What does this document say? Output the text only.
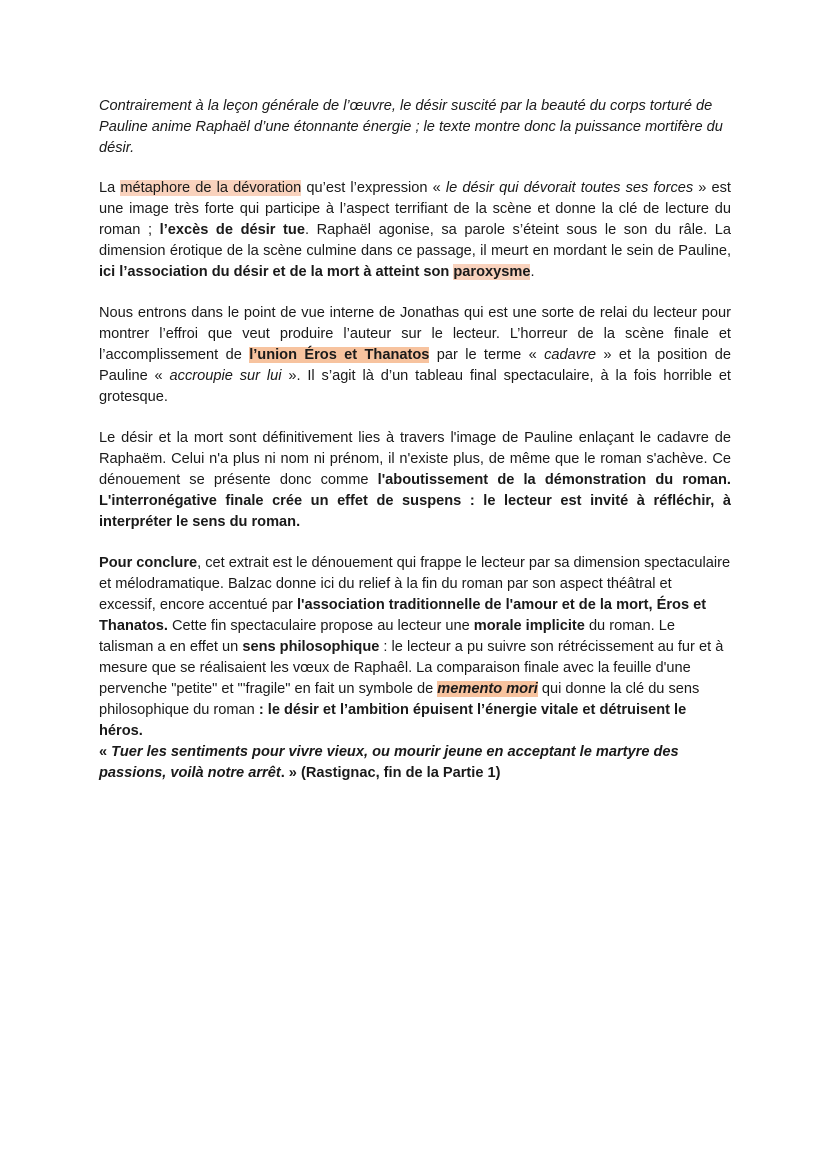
Contrairement à la leçon générale de l’œuvre, le désir suscité par la beauté du corps torturé de Pauline anime Raphaël d’une étonnante énergie ; le texte montre donc la puissance mortifère du désir.

La métaphore de la dévoration qu’est l’expression « le désir qui dévorait toutes ses forces » est une image très forte qui participe à l’aspect terrifiant de la scène et donne la clé de lecture du roman ; l’excès de désir tue. Raphaël agonise, sa parole s’éteint sous le son du râle. La dimension érotique de la scène culmine dans ce passage, il meurt en mordant le sein de Pauline, ici l’association du désir et de la mort à atteint son paroxysme.

Nous entrons dans le point de vue interne de Jonathas qui est une sorte de relai du lecteur pour montrer l’effroi que veut produire l’auteur sur le lecteur. L’horreur de la scène finale et l’accomplissement de l’union Éros et Thanatos par le terme « cadavre » et la position de Pauline « accroupie sur lui ». Il s’agit là d’un tableau final spectaculaire, à la fois horrible et grotesque.

Le désir et la mort sont définitivement lies à travers l'image de Pauline enlaçant le cadavre de Raphaëm. Celui n'a plus ni nom ni prénom, il n'existe plus, de même que le roman s'achève. Ce dénouement se présente donc comme l'aboutissement de la démonstration du roman. L'interronégative finale crée un effet de suspens : le lecteur est invité à réfléchir, à interpréter le sens du roman.

Pour conclure, cet extrait est le dénouement qui frappe le lecteur par sa dimension spectaculaire et mélodramatique. Balzac donne ici du relief à la fin du roman par son aspect théâtral et excessif, encore accentué par l'association traditionnelle de l'amour et de la mort, Éros et Thanatos. Cette fin spectaculaire propose au lecteur une morale implicite du roman. Le talisman a en effet un sens philosophique : le lecteur a pu suivre son rétrécissement au fur et à mesure que se réalisaient les vœux de Raphaêl. La comparaison finale avec la feuille d'une pervenche "petite" et "'fragile" en fait un symbole de memento mori qui donne la clé du sens philosophique du roman : le désir et l’ambition épuisent l’énergie vitale et détruisent le héros.
« Tuer les sentiments pour vivre vieux, ou mourir jeune en acceptant le martyre des passions, voilà notre arrêt. » (Rastignac, fin de la Partie 1)
